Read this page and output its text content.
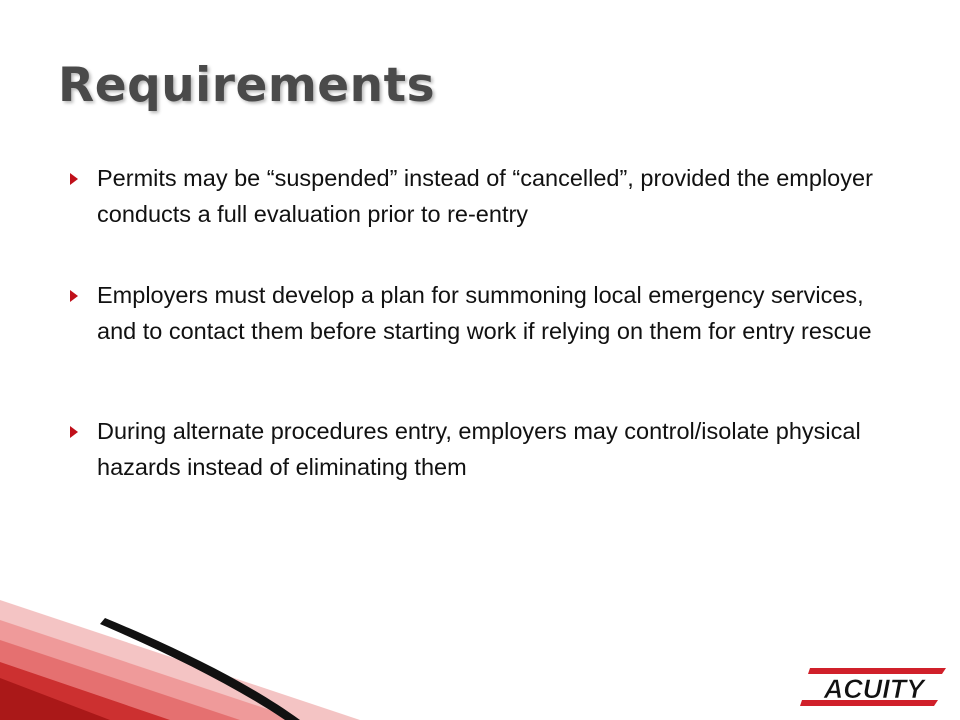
Requirements
Permits may be “suspended” instead of “cancelled”, provided the employer conducts a full evaluation prior to re-entry
Employers must develop a plan for summoning local emergency services, and to contact them before starting work if relying on them for entry rescue
During alternate procedures entry, employers may control/isolate physical hazards instead of eliminating them
ACUITY
